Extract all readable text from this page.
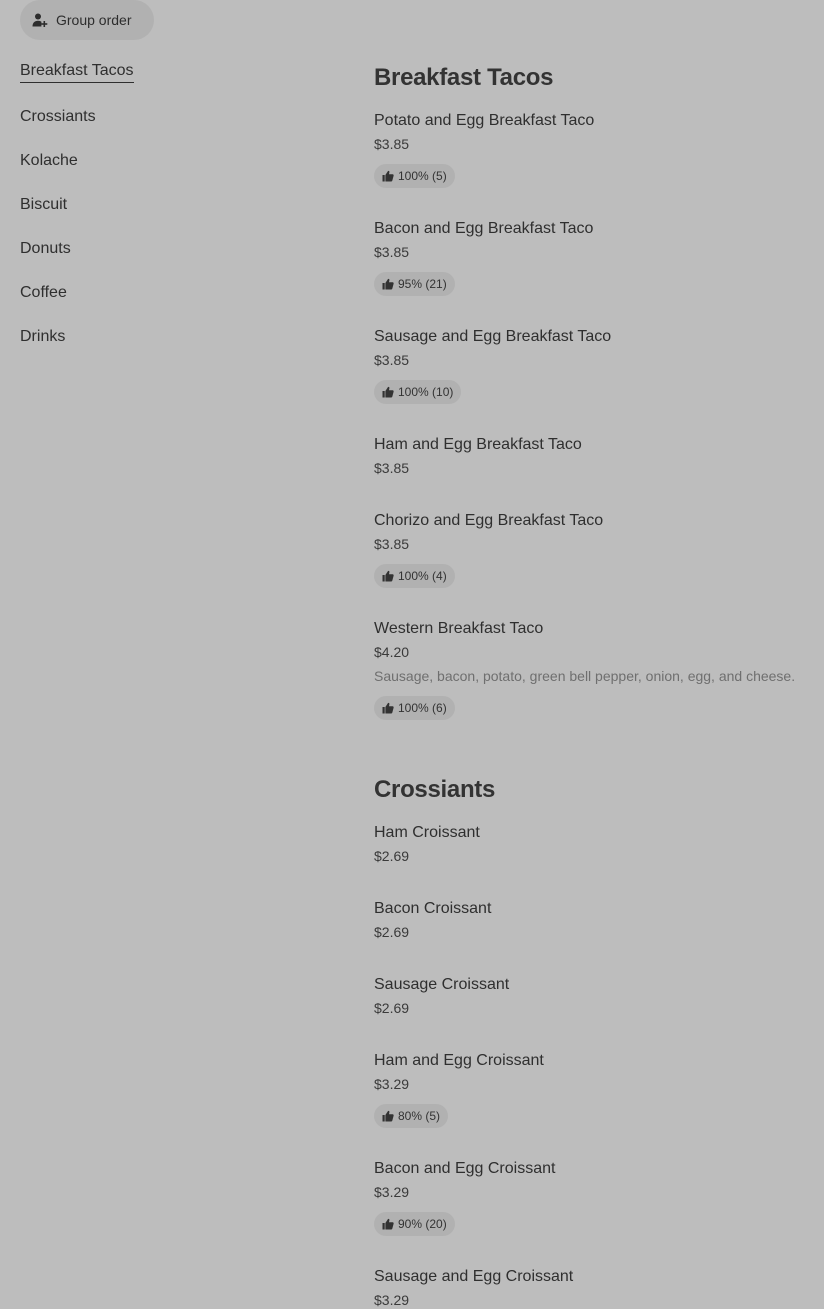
Group order
Breakfast Tacos
Crossiants
Kolache
Biscuit
Donuts
Coffee
Drinks
Breakfast Tacos
Potato and Egg Breakfast Taco
$3.85
100% (5)
Bacon and Egg Breakfast Taco
$3.85
95% (21)
Sausage and Egg Breakfast Taco
$3.85
100% (10)
Ham and Egg Breakfast Taco
$3.85
Chorizo and Egg Breakfast Taco
$3.85
100% (4)
Western Breakfast Taco
$4.20
Sausage, bacon, potato, green bell pepper, onion, egg, and cheese.
100% (6)
Crossiants
Ham Croissant
$2.69
Bacon Croissant
$2.69
Sausage Croissant
$2.69
Ham and Egg Croissant
$3.29
80% (5)
Bacon and Egg Croissant
$3.29
90% (20)
Sausage and Egg Croissant
$3.29
